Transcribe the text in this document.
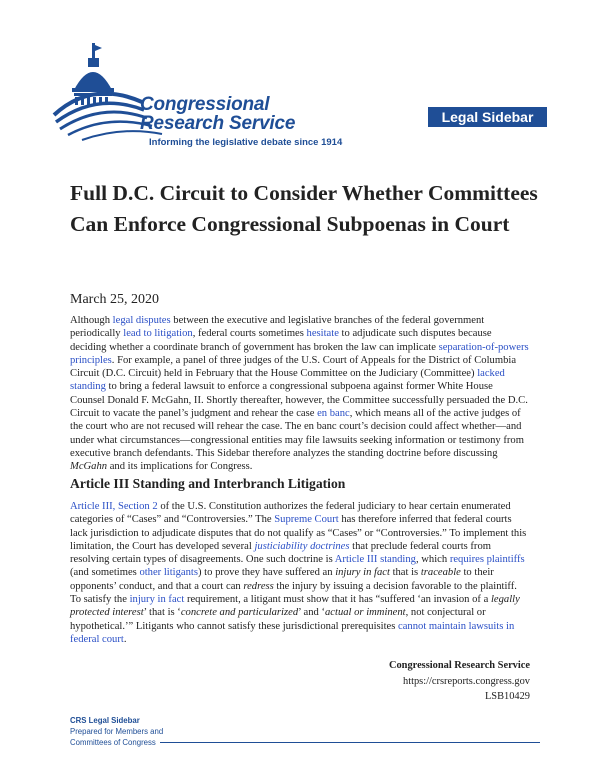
Congressional
Research Service
Informing the legislative debate since 1914
Legal Sidebar
Full D.C. Circuit to Consider Whether Committees Can Enforce Congressional Subpoenas in Court
March 25, 2020

Although legal disputes between the executive and legislative branches of the federal government periodically lead to litigation, federal courts sometimes hesitate to adjudicate such disputes because deciding whether a coordinate branch of government has broken the law can implicate separation-of-powers principles. For example, a panel of three judges of the U.S. Court of Appeals for the District of Columbia Circuit (D.C. Circuit) held in February that the House Committee on the Judiciary (Committee) lacked standing to bring a federal lawsuit to enforce a congressional subpoena against former White House Counsel Donald F. McGahn, II. Shortly thereafter, however, the Committee successfully persuaded the D.C. Circuit to vacate the panel’s judgment and rehear the case en banc, which means all of the active judges of the court who are not recused will rehear the case. The en banc court’s decision could affect whether—and under what circumstances—congressional entities may file lawsuits seeking information or testimony from executive branch defendants. This Sidebar therefore analyzes the standing doctrine before discussing McGahn and its implications for Congress.

Article III Standing and Interbranch Litigation

Article III, Section 2 of the U.S. Constitution authorizes the federal judiciary to hear certain enumerated categories of “Cases” and “Controversies.” The Supreme Court has therefore inferred that federal courts lack jurisdiction to adjudicate disputes that do not qualify as “Cases” or “Controversies.” To implement this limitation, the Court has developed several justiciability doctrines that preclude federal courts from resolving certain types of disagreements. One such doctrine is Article III standing, which requires plaintiffs (and sometimes other litigants) to prove they have suffered an injury in fact that is traceable to their opponents’ conduct, and that a court can redress the injury by issuing a decision favorable to the plaintiff. To satisfy the injury in fact requirement, a litigant must show that it has “suffered ‘an invasion of a legally protected interest’ that is ‘concrete and particularized’ and ‘actual or imminent, not conjectural or hypothetical.’” Litigants who cannot satisfy these jurisdictional prerequisites cannot maintain lawsuits in federal court.

Congressional Research Service
https://crsreports.congress.gov
LSB10429
CRS Legal Sidebar
Prepared for Members and
Committees of Congress
